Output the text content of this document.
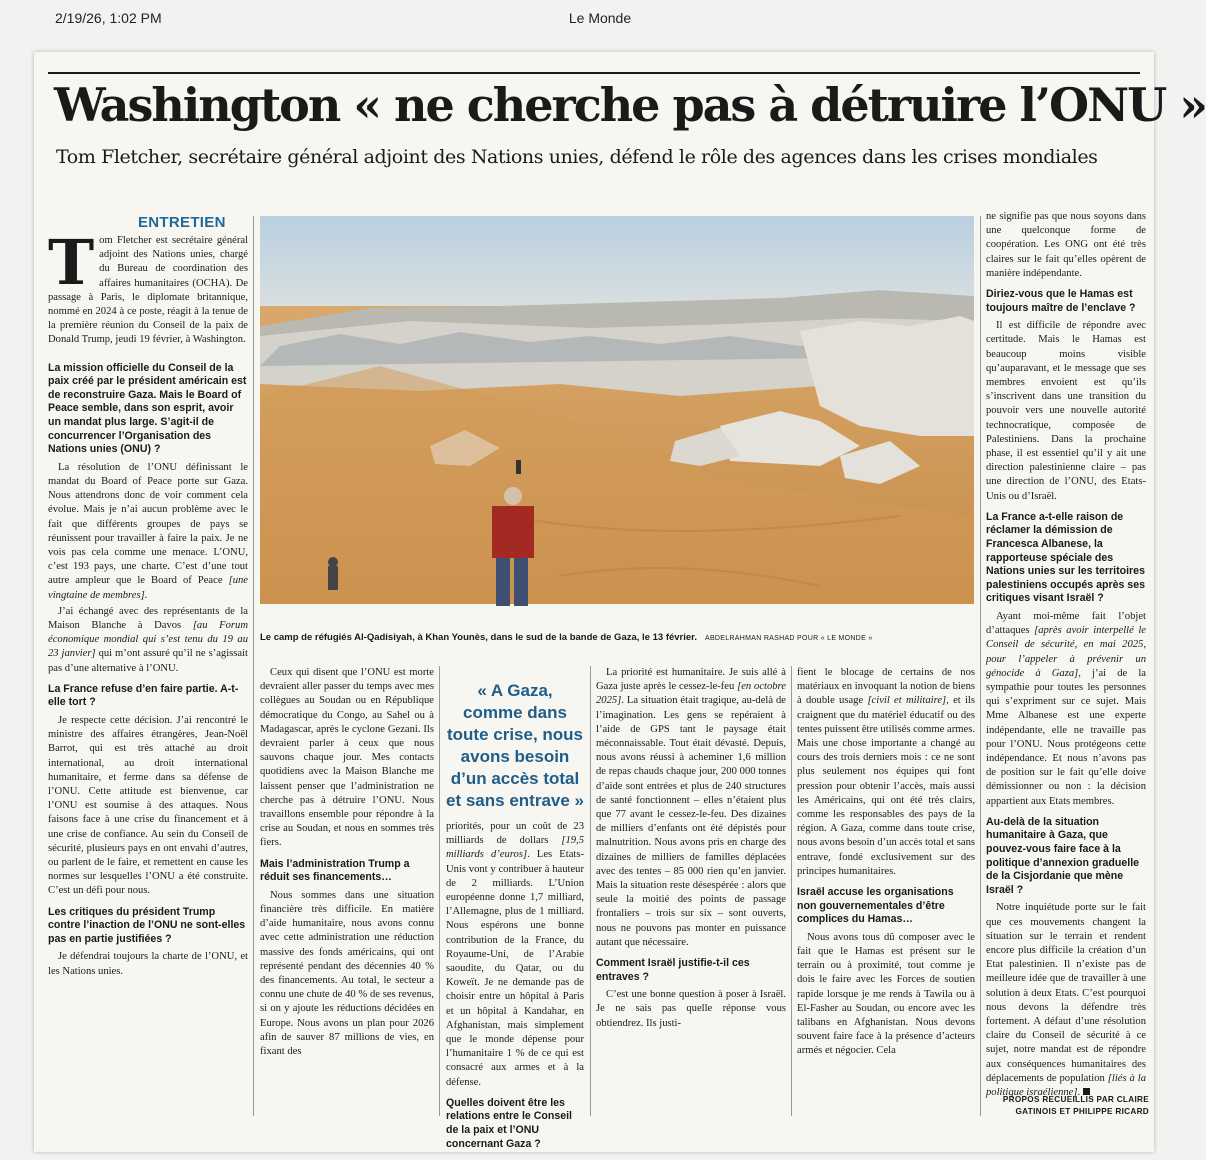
2/19/26, 1:02 PM	Le Monde
Washington « ne cherche pas à détruire l’ONU »

Tom Fletcher, secrétaire général adjoint des Nations unies, défend le rôle des agences dans les crises mondiales

ENTRETIEN

Tom Fletcher est secrétaire général adjoint des Nations unies, chargé du Bureau de coordination des affaires humanitaires (OCHA). De passage à Paris, le diplomate britannique, nommé en 2024 à ce poste, réagit à la tenue de la première réunion du Conseil de la paix de Donald Trump, jeudi 19 février, à Washington.

La mission officielle du Conseil de la paix créé par le président américain est de reconstruire Gaza. Mais le Board of Peace semble, dans son esprit, avoir un mandat plus large. S’agit-il de concurrencer l’Organisation des Nations unies (ONU) ?

La résolution de l’ONU définissant le mandat du Board of Peace porte sur Gaza. Nous attendrons donc de voir comment cela évolue. Mais je n’ai aucun problème avec le fait que différents groupes de pays se réunissent pour travailler à faire la paix. Je ne vois pas cela comme une menace. L’ONU, c’est 193 pays, une charte. C’est d’une tout autre ampleur que le Board of Peace [une vingtaine de membres].

J’ai échangé avec des représentants de la Maison Blanche à Davos [au Forum économique mondial qui s’est tenu du 19 au 23 janvier] qui m’ont assuré qu’il ne s’agissait pas d’une alternative à l’ONU.

La France refuse d’en faire partie. A-t-elle tort ?

Je respecte cette décision. J’ai rencontré le ministre des affaires étrangères, Jean-Noël Barrot, qui est très attaché au droit international, au droit international humanitaire, et ferme dans sa défense de l’ONU. Cette attitude est bienvenue, car l’ONU est soumise à des attaques. Nous faisons face à une crise du financement et à une crise de confiance. Au sein du Conseil de sécurité, plusieurs pays en ont envahi d’autres, ou parlent de le faire, et remettent en cause les normes sur lesquelles l’ONU a été construite. C’est un défi pour nous.

Les critiques du président Trump contre l’inaction de l’ONU ne sont-elles pas en partie justifiées ?

Je défendrai toujours la charte de l’ONU, et les Nations unies.

Le camp de réfugiés Al-Qadisiyah, à Khan Younès, dans le sud de la bande de Gaza, le 13 février. ABDELRAHMAN RASHAD POUR « LE MONDE »

Ceux qui disent que l’ONU est morte devraient aller passer du temps avec mes collègues au Soudan ou en République démocratique du Congo, au Sahel ou à Madagascar, après le cyclone Gezani. Ils devraient parler à ceux que nous sauvons chaque jour. Mes contacts quotidiens avec la Maison Blanche me laissent penser que l’administration ne cherche pas à détruire l’ONU. Nous travaillons ensemble pour répondre à la crise au Soudan, et nous en sommes très fiers.

Mais l’administration Trump a réduit ses financements…

Nous sommes dans une situation financière très difficile. En matière d’aide humanitaire, nous avons connu avec cette administration une réduction massive des fonds américains, qui ont représenté pendant des décennies 40 % des financements. Au total, le secteur a connu une chute de 40 % de ses revenus, si on y ajoute les réductions décidées en Europe. Nous avons un plan pour 2026 afin de sauver 87 millions de vies, en fixant des

« A Gaza, comme dans toute crise, nous avons besoin d’un accès total et sans entrave »

priorités, pour un coût de 23 milliards de dollars [19,5 milliards d’euros]. Les Etats-Unis vont y contribuer à hauteur de 2 milliards. L’Union européenne donne 1,7 milliard, l’Allemagne, plus de 1 milliard. Nous espérons une bonne contribution de la France, du Royaume-Uni, de l’Arabie saoudite, du Qatar, ou du Koweït. Je ne demande pas de choisir entre un hôpital à Paris et un hôpital à Kandahar, en Afghanistan, mais simplement que le monde dépense pour l’humanitaire 1 % de ce qui est consacré aux armes et à la défense.

Quelles doivent être les relations entre le Conseil de la paix et l’ONU concernant Gaza ?

La priorité est humanitaire. Je suis allé à Gaza juste après le cessez-le-feu [en octobre 2025]. La situation était tragique, au-delà de l’imagination. Les gens se repéraient à l’aide de GPS tant le paysage était méconnaissable. Tout était dévasté. Depuis, nous avons réussi à acheminer 1,6 million de repas chauds chaque jour, 200 000 tonnes d’aide sont entrées et plus de 240 structures de santé fonctionnent – elles n’étaient plus que 77 avant le cessez-le-feu. Des dizaines de milliers d’enfants ont été dépistés pour malnutrition. Nous avons pris en charge des dizaines de milliers de familles déplacées avec des tentes – 85 000 rien qu’en janvier. Mais la situation reste désespérée : alors que seule la moitié des points de passage frontaliers – trois sur six – sont ouverts, nous ne pouvons pas monter en puissance autant que nécessaire.

Comment Israël justifie-t-il ces entraves ?

C’est une bonne question à poser à Israël. Je ne sais pas quelle réponse vous obtiendrez. Ils justi-

fient le blocage de certains de nos matériaux en invoquant la notion de biens à double usage [civil et militaire], et ils craignent que du matériel éducatif ou des tentes puissent être utilisés comme armes. Mais une chose importante a changé au cours des trois derniers mois : ce ne sont plus seulement nos équipes qui font pression pour obtenir l’accès, mais aussi les Américains, qui ont été très clairs, comme les responsables des pays de la région. A Gaza, comme dans toute crise, nous avons besoin d’un accès total et sans entrave, fondé exclusivement sur des principes humanitaires.

Israël accuse les organisations non gouvernementales d’être complices du Hamas…

Nous avons tous dû composer avec le fait que le Hamas est présent sur le terrain ou à proximité, tout comme je dois le faire avec les Forces de soutien rapide lorsque je me rends à Tawila ou à El-Fasher au Soudan, ou encore avec les talibans en Afghanistan. Nous devons souvent faire face à la présence d’acteurs armés et négocier. Cela

ne signifie pas que nous soyons dans une quelconque forme de coopération. Les ONG ont été très claires sur le fait qu’elles opèrent de manière indépendante.

Diriez-vous que le Hamas est toujours maître de l’enclave ?

Il est difficile de répondre avec certitude. Mais le Hamas est beaucoup moins visible qu’auparavant, et le message que ses membres envoient est qu’ils s’inscrivent dans une transition du pouvoir vers une nouvelle autorité technocratique, composée de Palestiniens. Dans la prochaine phase, il est essentiel qu’il y ait une direction palestinienne claire – pas une direction de l’ONU, des Etats-Unis ou d’Israël.

La France a-t-elle raison de réclamer la démission de Francesca Albanese, la rapporteuse spéciale des Nations unies sur les territoires palestiniens occupés après ses critiques visant Israël ?

Ayant moi-même fait l’objet d’attaques [après avoir interpellé le Conseil de sécurité, en mai 2025, pour l’appeler à prévenir un génocide à Gaza], j’ai de la sympathie pour toutes les personnes qui s’expriment sur ce sujet. Mais Mme Albanese est une experte indépendante, elle ne travaille pas pour l’ONU. Nous protégeons cette indépendance. Et nous n’avons pas de position sur le fait qu’elle doive démissionner ou non : la décision appartient aux Etats membres.

Au-delà de la situation humanitaire à Gaza, que pouvez-vous faire face à la politique d’annexion graduelle de la Cisjordanie que mène Israël ?

Notre inquiétude porte sur le fait que ces mouvements changent la situation sur le terrain et rendent encore plus difficile la création d’un Etat palestinien. Il n’existe pas de meilleure idée que de travailler à une solution à deux Etats. C’est pourquoi nous devons la défendre très fortement. A défaut d’une résolution claire du Conseil de sécurité à ce sujet, notre mandat est de répondre aux conséquences humanitaires des déplacements de population [liés à la politique israélienne].

PROPOS RECUEILLIS PAR CLAIRE GATINOIS ET PHILIPPE RICARD
